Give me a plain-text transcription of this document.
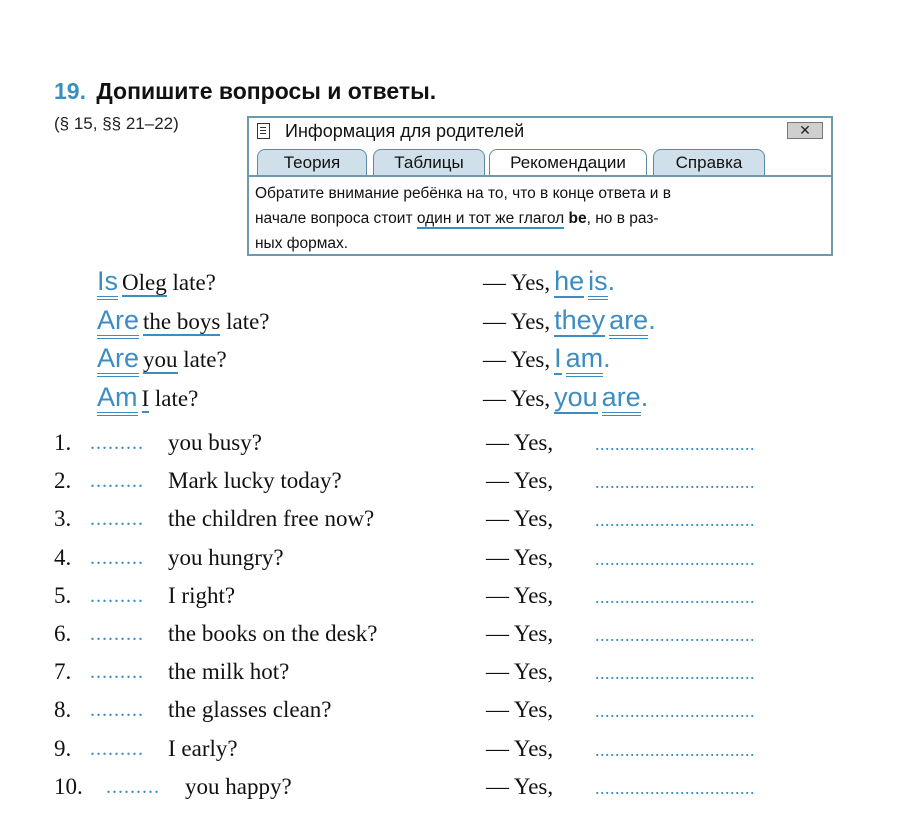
19. Допишите вопросы и ответы.
(§ 15, §§ 21–22)	Информация для родителей	✕
Теория	Таблицы	Рекомендации	Справка
Обратите внимание ребёнка на то, что в конце ответа и в
начале вопроса стоит один и тот же глагол be, но в раз-
ных формах.
Is Oleg late?	— Yes, he is.
Are the boys late?	— Yes, they are.
Are you late?	— Yes, I am.
Am I late?	— Yes, you are.
1. ......... you busy?	— Yes, ................................
2. ......... Mark lucky today?	— Yes, ................................
3. ......... the children free now?	— Yes, ................................
4. ......... you hungry?	— Yes, ................................
5. ......... I right?	— Yes, ................................
6. ......... the books on the desk?	— Yes, ................................
7. ......... the milk hot?	— Yes, ................................
8. ......... the glasses clean?	— Yes, ................................
9. ......... I early?	— Yes, ................................
10. ......... you happy?	— Yes, ................................
